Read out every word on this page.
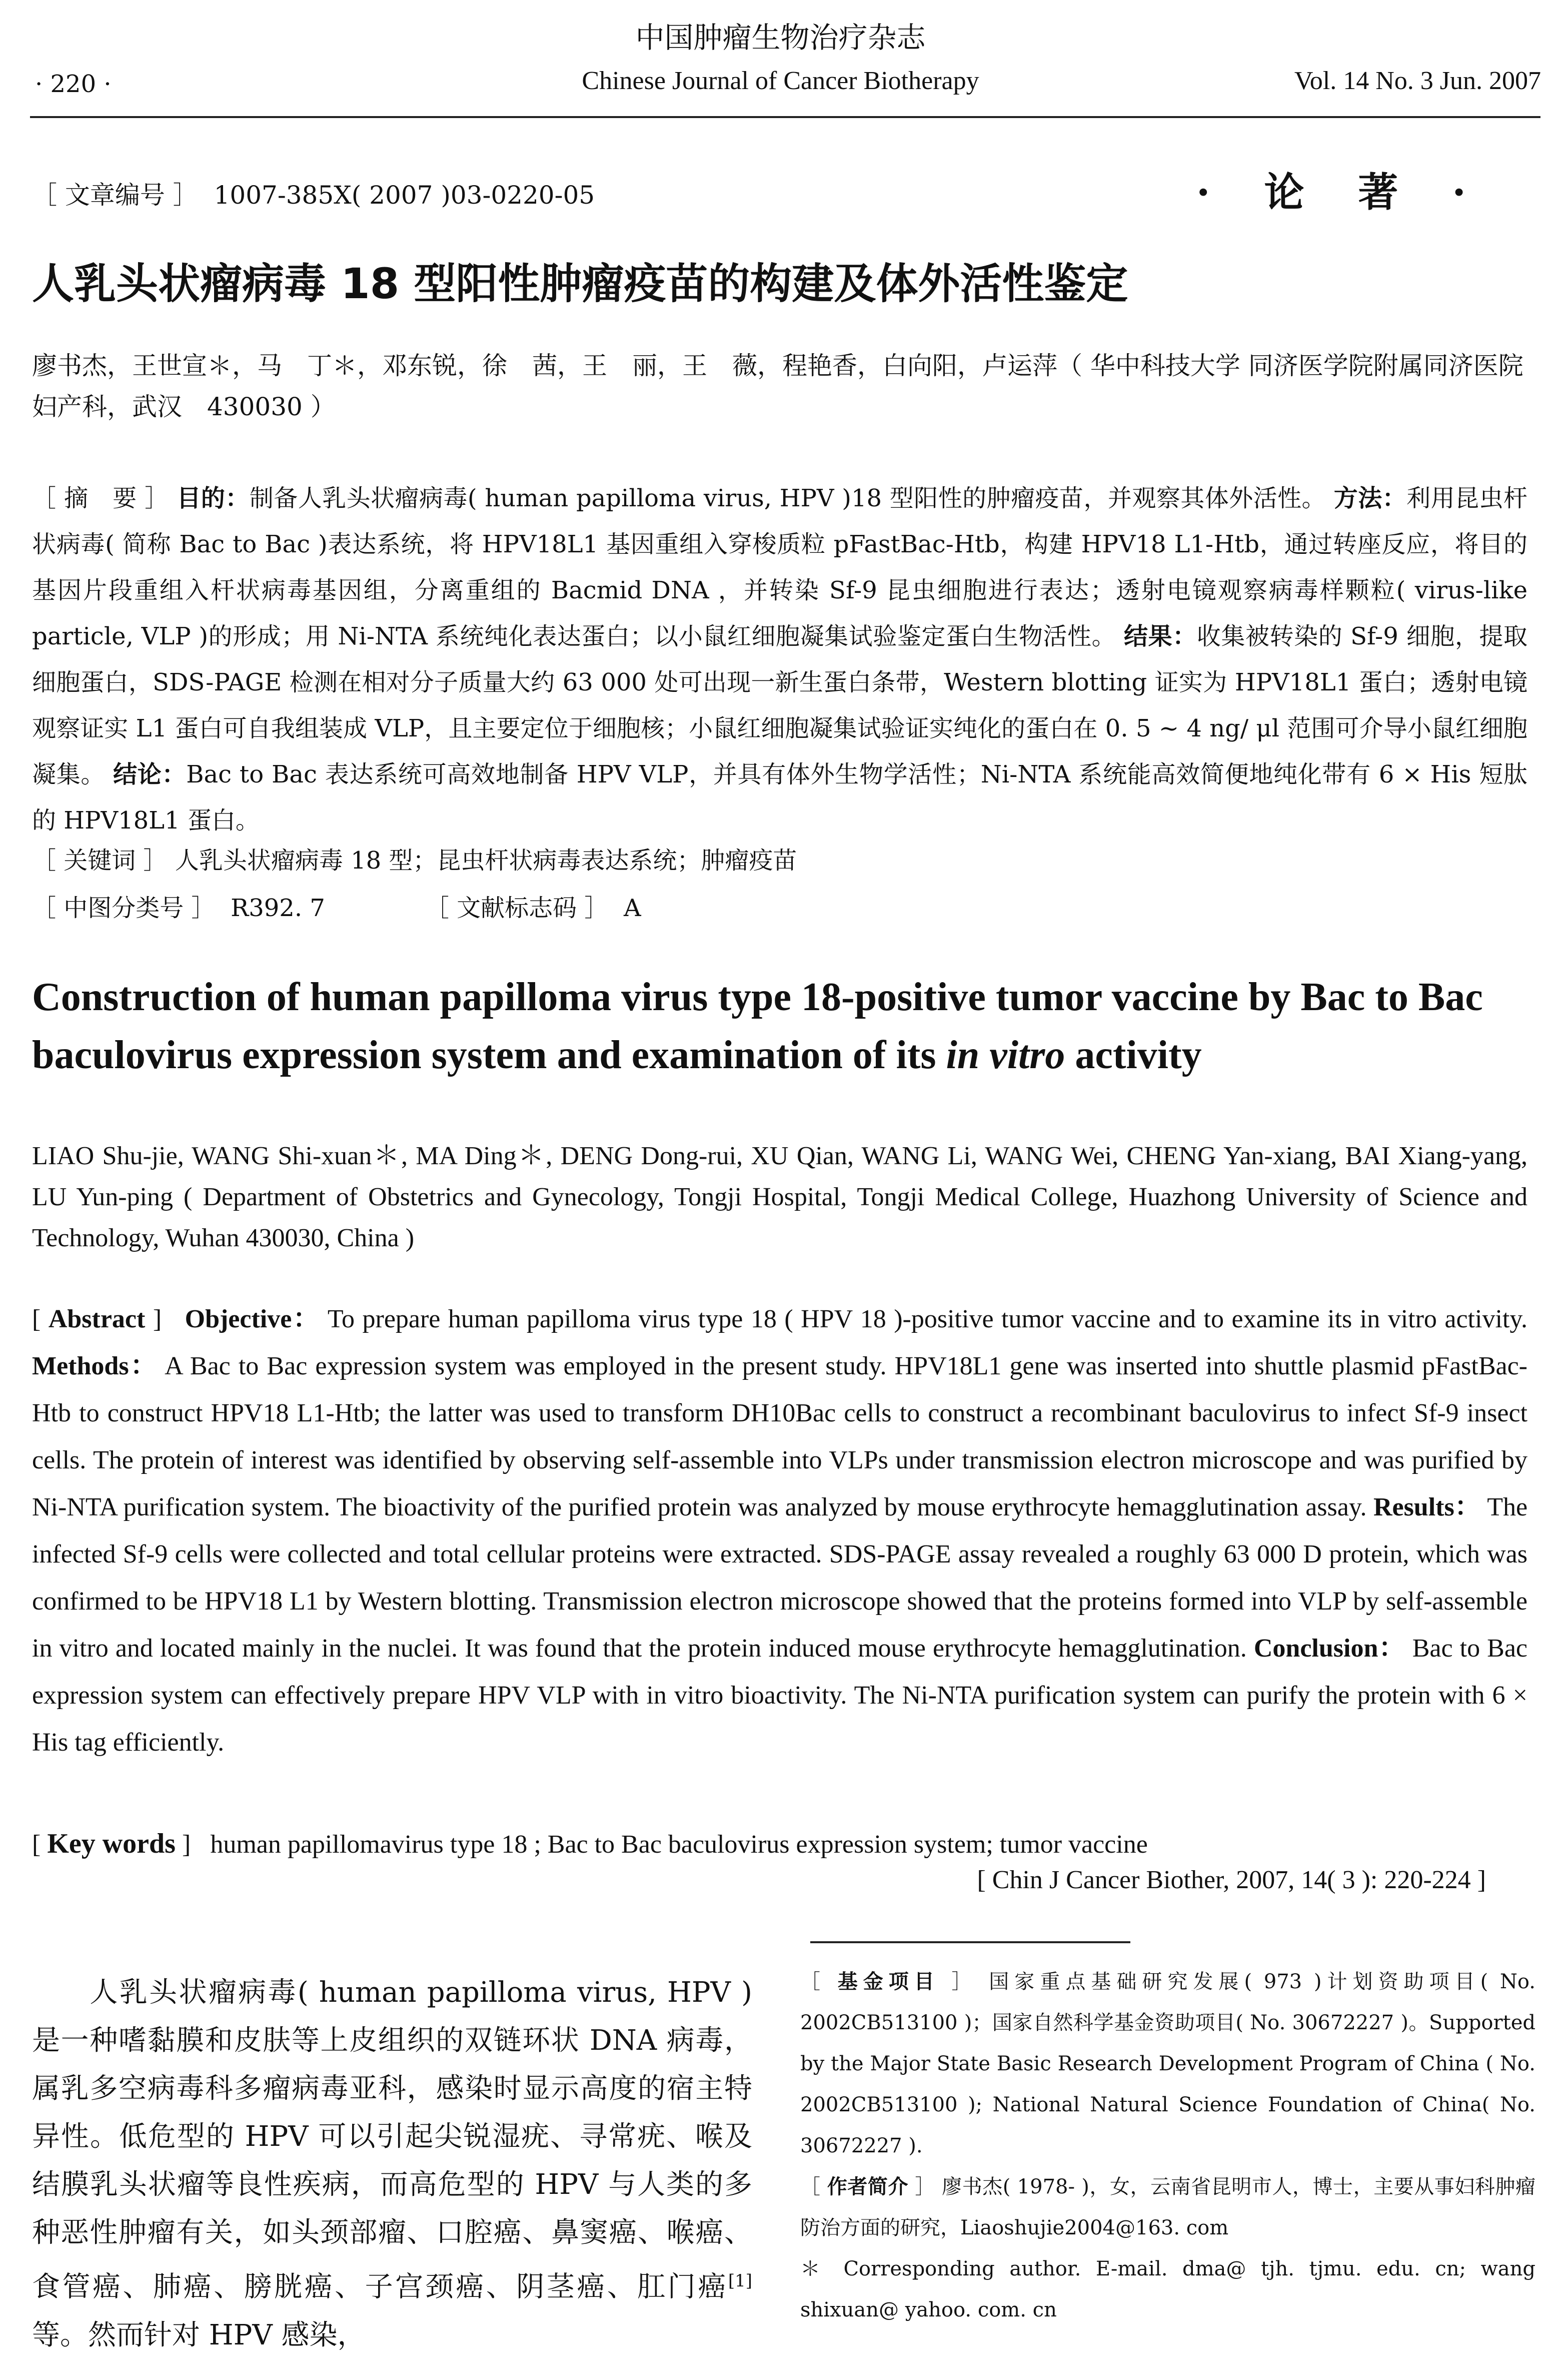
中国肿瘤生物治疗杂志
· 220 ·	Chinese Journal of Cancer Biotherapy	Vol. 14 No. 3 Jun. 2007
［ 文章编号 ］ 1007-385X( 2007 )03-0220-05	· 论 著 ·
人乳头状瘤病毒 18 型阳性肿瘤疫苗的构建及体外活性鉴定
廖书杰，王世宣＊，马　丁＊，邓东锐，徐　茜，王　丽，王　薇，程艳香，白向阳，卢运萍（ 华中科技大学 同济医学院附属同济医院 妇产科，武汉　430030 ）
［ 摘　要 ］ 目的：制备人乳头状瘤病毒( human papilloma virus, HPV )18 型阳性的肿瘤疫苗，并观察其体外活性。 方法：利用昆虫杆状病毒( 简称 Bac to Bac )表达系统，将 HPV18L1 基因重组入穿梭质粒 pFastBac-Htb，构建 HPV18 L1-Htb，通过转座反应，将目的基因片段重组入杆状病毒基因组，分离重组的 Bacmid DNA ，并转染 Sf-9 昆虫细胞进行表达；透射电镜观察病毒样颗粒( virus-like particle, VLP )的形成；用 Ni-NTA 系统纯化表达蛋白；以小鼠红细胞凝集试验鉴定蛋白生物活性。 结果：收集被转染的 Sf-9 细胞，提取细胞蛋白，SDS-PAGE 检测在相对分子质量大约 63 000 处可出现一新生蛋白条带，Western blotting 证实为 HPV18L1 蛋白；透射电镜观察证实 L1 蛋白可自我组装成 VLP，且主要定位于细胞核；小鼠红细胞凝集试验证实纯化的蛋白在 0. 5 ~ 4 ng/ μl 范围可介导小鼠红细胞凝集。 结论：Bac to Bac 表达系统可高效地制备 HPV VLP，并具有体外生物学活性；Ni-NTA 系统能高效简便地纯化带有 6 × His 短肽的 HPV18L1 蛋白。
［ 关键词 ］ 人乳头状瘤病毒 18 型；昆虫杆状病毒表达系统；肿瘤疫苗
［ 中图分类号 ］  R392. 7	［ 文献标志码 ］  A
Construction of human papilloma virus type 18-positive tumor vaccine by Bac to Bac baculovirus expression system and examination of its in vitro activity
LIAO Shu-jie, WANG Shi-xuan＊, MA Ding＊, DENG Dong-rui, XU Qian, WANG Li, WANG Wei, CHENG Yan-xiang, BAI Xiang-yang, LU Yun-ping ( Department of Obstetrics and Gynecology, Tongji Hospital, Tongji Medical College, Huazhong University of Science and Technology, Wuhan 430030, China )
[ Abstract ]   Objective： To prepare human papilloma virus type 18 ( HPV 18 )-positive tumor vaccine and to examine its in vitro activity. Methods： A Bac to Bac expression system was employed in the present study. HPV18L1 gene was inserted into shuttle plasmid pFastBac-Htb to construct HPV18 L1-Htb; the latter was used to transform DH10Bac cells to construct a recombinant baculovirus to infect Sf-9 insect cells. The protein of interest was identified by observing self-assemble into VLPs under transmission electron microscope and was purified by Ni-NTA purification system. The bioactivity of the purified protein was analyzed by mouse erythrocyte hemagglutination assay. Results： The infected Sf-9 cells were collected and total cellular proteins were extracted. SDS-PAGE assay revealed a roughly 63 000 D protein, which was confirmed to be HPV18 L1 by Western blotting. Transmission electron microscope showed that the proteins formed into VLP by self-assemble in vitro and located mainly in the nuclei. It was found that the protein induced mouse erythrocyte hemagglutination. Conclusion： Bac to Bac expression system can effectively prepare HPV VLP with in vitro bioactivity. The Ni-NTA purification system can purify the protein with 6 × His tag efficiently.
[ Key words ]   human papillomavirus type 18 ; Bac to Bac baculovirus expression system; tumor vaccine
[ Chin J Cancer Biother, 2007, 14( 3 ): 220-224 ]
人乳头状瘤病毒( human papilloma virus, HPV )是一种嗜黏膜和皮肤等上皮组织的双链环状 DNA 病毒，属乳多空病毒科多瘤病毒亚科，感染时显示高度的宿主特异性。低危型的 HPV 可以引起尖锐湿疣、寻常疣、喉及结膜乳头状瘤等良性疾病，而高危型的 HPV 与人类的多种恶性肿瘤有关，如头颈部瘤、口腔癌、鼻窦癌、喉癌、食管癌、肺癌、膀胱癌、子宫颈癌、阴茎癌、肛门癌[1]等。然而针对 HPV 感染，

［ 基金项目 ］ 国家重点基础研究发展( 973 )计划资助项目( No. 2002CB513100 )；国家自然科学基金资助项目( No. 30672227 )。Supported by the Major State Basic Research Development Program of China ( No. 2002CB513100 ); National Natural Science Foundation of China( No. 30672227 ).

［ 作者简介 ］ 廖书杰( 1978- )，女，云南省昆明市人，博士，主要从事妇科肿瘤防治方面的研究，Liaoshujie2004@163. com

＊ Corresponding author. E-mail. dma@ tjh. tjmu. edu. cn; wang shixuan@ yahoo. com. cn
